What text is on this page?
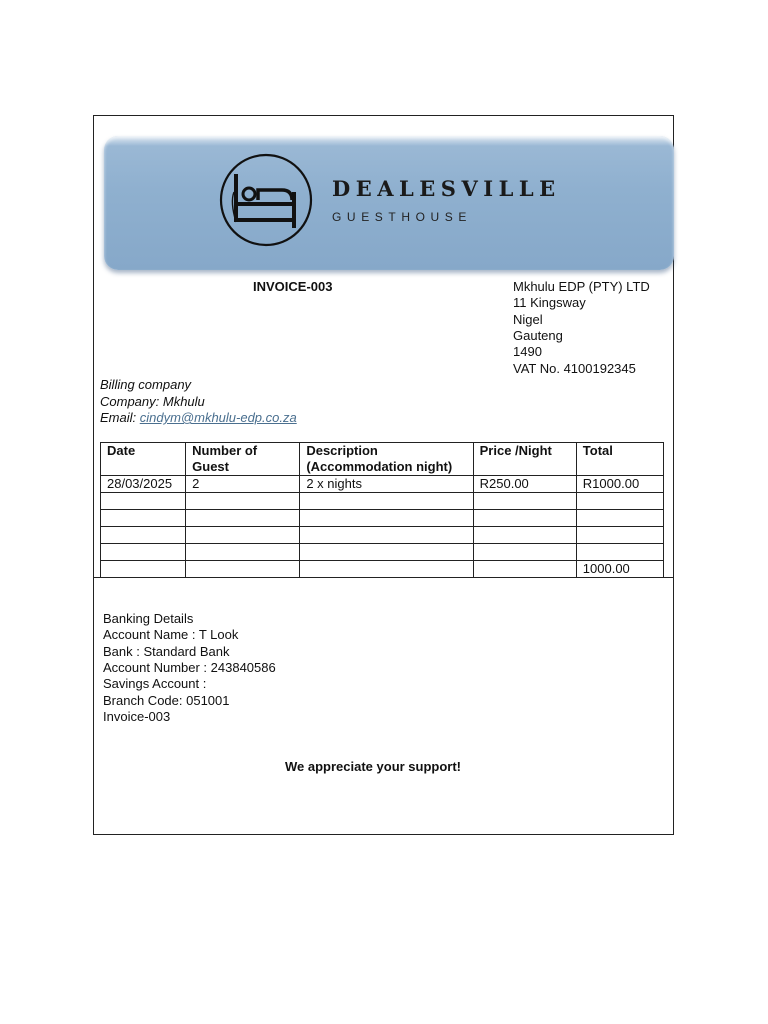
DEALESVILLE
GUESTHOUSE
INVOICE-003	Mkhulu EDP (PTY) LTD
11 Kingsway
Nigel
Gauteng
1490
VAT No. 4100192345
Billing company
Company: Mkhulu
Email: cindym@mkhulu-edp.co.za
Date	Number of Guest	Description (Accommodation night)	Price /Night	Total
28/03/2025	2	2 x nights	R250.00	R1000.00

				1000.00
Banking Details
Account Name : T Look
Bank : Standard Bank
Account Number : 243840586
Savings Account :
Branch Code: 051001
Invoice-003
We appreciate your support!
